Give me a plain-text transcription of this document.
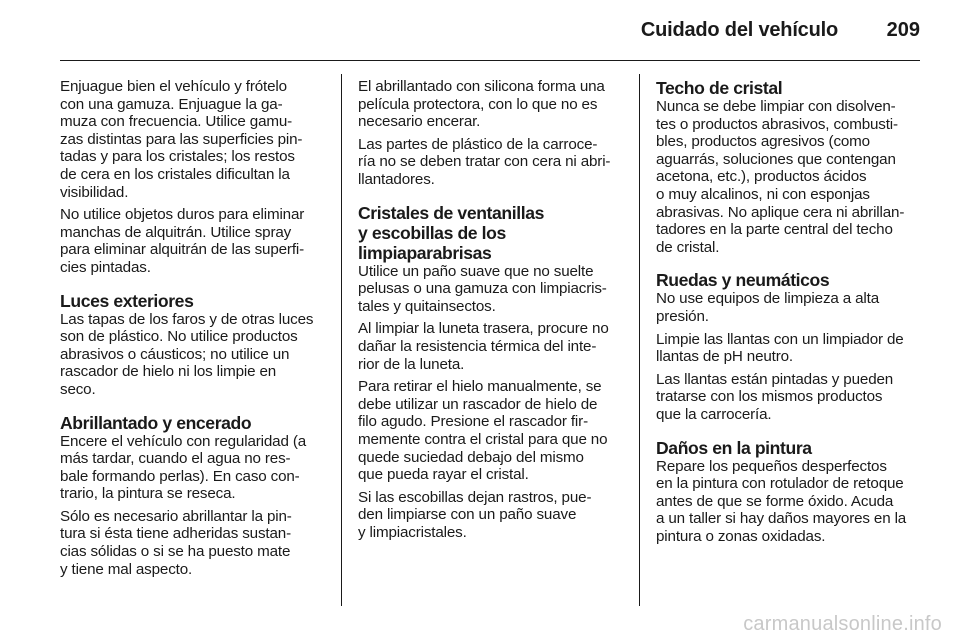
Cuidado del vehículo 209
Enjuague bien el vehículo y frótelo
con una gamuza. Enjuague la ga-
muza con frecuencia. Utilice gamu-
zas distintas para las superficies pin-
tadas y para los cristales; los restos
de cera en los cristales dificultan la
visibilidad.
No utilice objetos duros para eliminar
manchas de alquitrán. Utilice spray
para eliminar alquitrán de las superfi-
cies pintadas.
Luces exteriores
Las tapas de los faros y de otras luces
son de plástico. No utilice productos
abrasivos o cáusticos; no utilice un
rascador de hielo ni los limpie en
seco.
Abrillantado y encerado
Encere el vehículo con regularidad (a
más tardar, cuando el agua no res-
bale formando perlas). En caso con-
trario, la pintura se reseca.
Sólo es necesario abrillantar la pin-
tura si ésta tiene adheridas sustan-
cias sólidas o si se ha puesto mate
y tiene mal aspecto.
El abrillantado con silicona forma una
película protectora, con lo que no es
necesario encerar.
Las partes de plástico de la carroce-
ría no se deben tratar con cera ni abri-
llantadores.
Cristales de ventanillas
y escobillas de los
limpiaparabrisas
Utilice un paño suave que no suelte
pelusas o una gamuza con limpiacris-
tales y quitainsectos.
Al limpiar la luneta trasera, procure no
dañar la resistencia térmica del inte-
rior de la luneta.
Para retirar el hielo manualmente, se
debe utilizar un rascador de hielo de
filo agudo. Presione el rascador fir-
memente contra el cristal para que no
quede suciedad debajo del mismo
que pueda rayar el cristal.
Si las escobillas dejan rastros, pue-
den limpiarse con un paño suave
y limpiacristales.
Techo de cristal
Nunca se debe limpiar con disolven-
tes o productos abrasivos, combusti-
bles, productos agresivos (como
aguarrás, soluciones que contengan
acetona, etc.), productos ácidos
o muy alcalinos, ni con esponjas
abrasivas. No aplique cera ni abrillan-
tadores en la parte central del techo
de cristal.
Ruedas y neumáticos
No use equipos de limpieza a alta
presión.
Limpie las llantas con un limpiador de
llantas de pH neutro.
Las llantas están pintadas y pueden
tratarse con los mismos productos
que la carrocería.
Daños en la pintura
Repare los pequeños desperfectos
en la pintura con rotulador de retoque
antes de que se forme óxido. Acuda
a un taller si hay daños mayores en la
pintura o zonas oxidadas.
carmanualsonline.info
